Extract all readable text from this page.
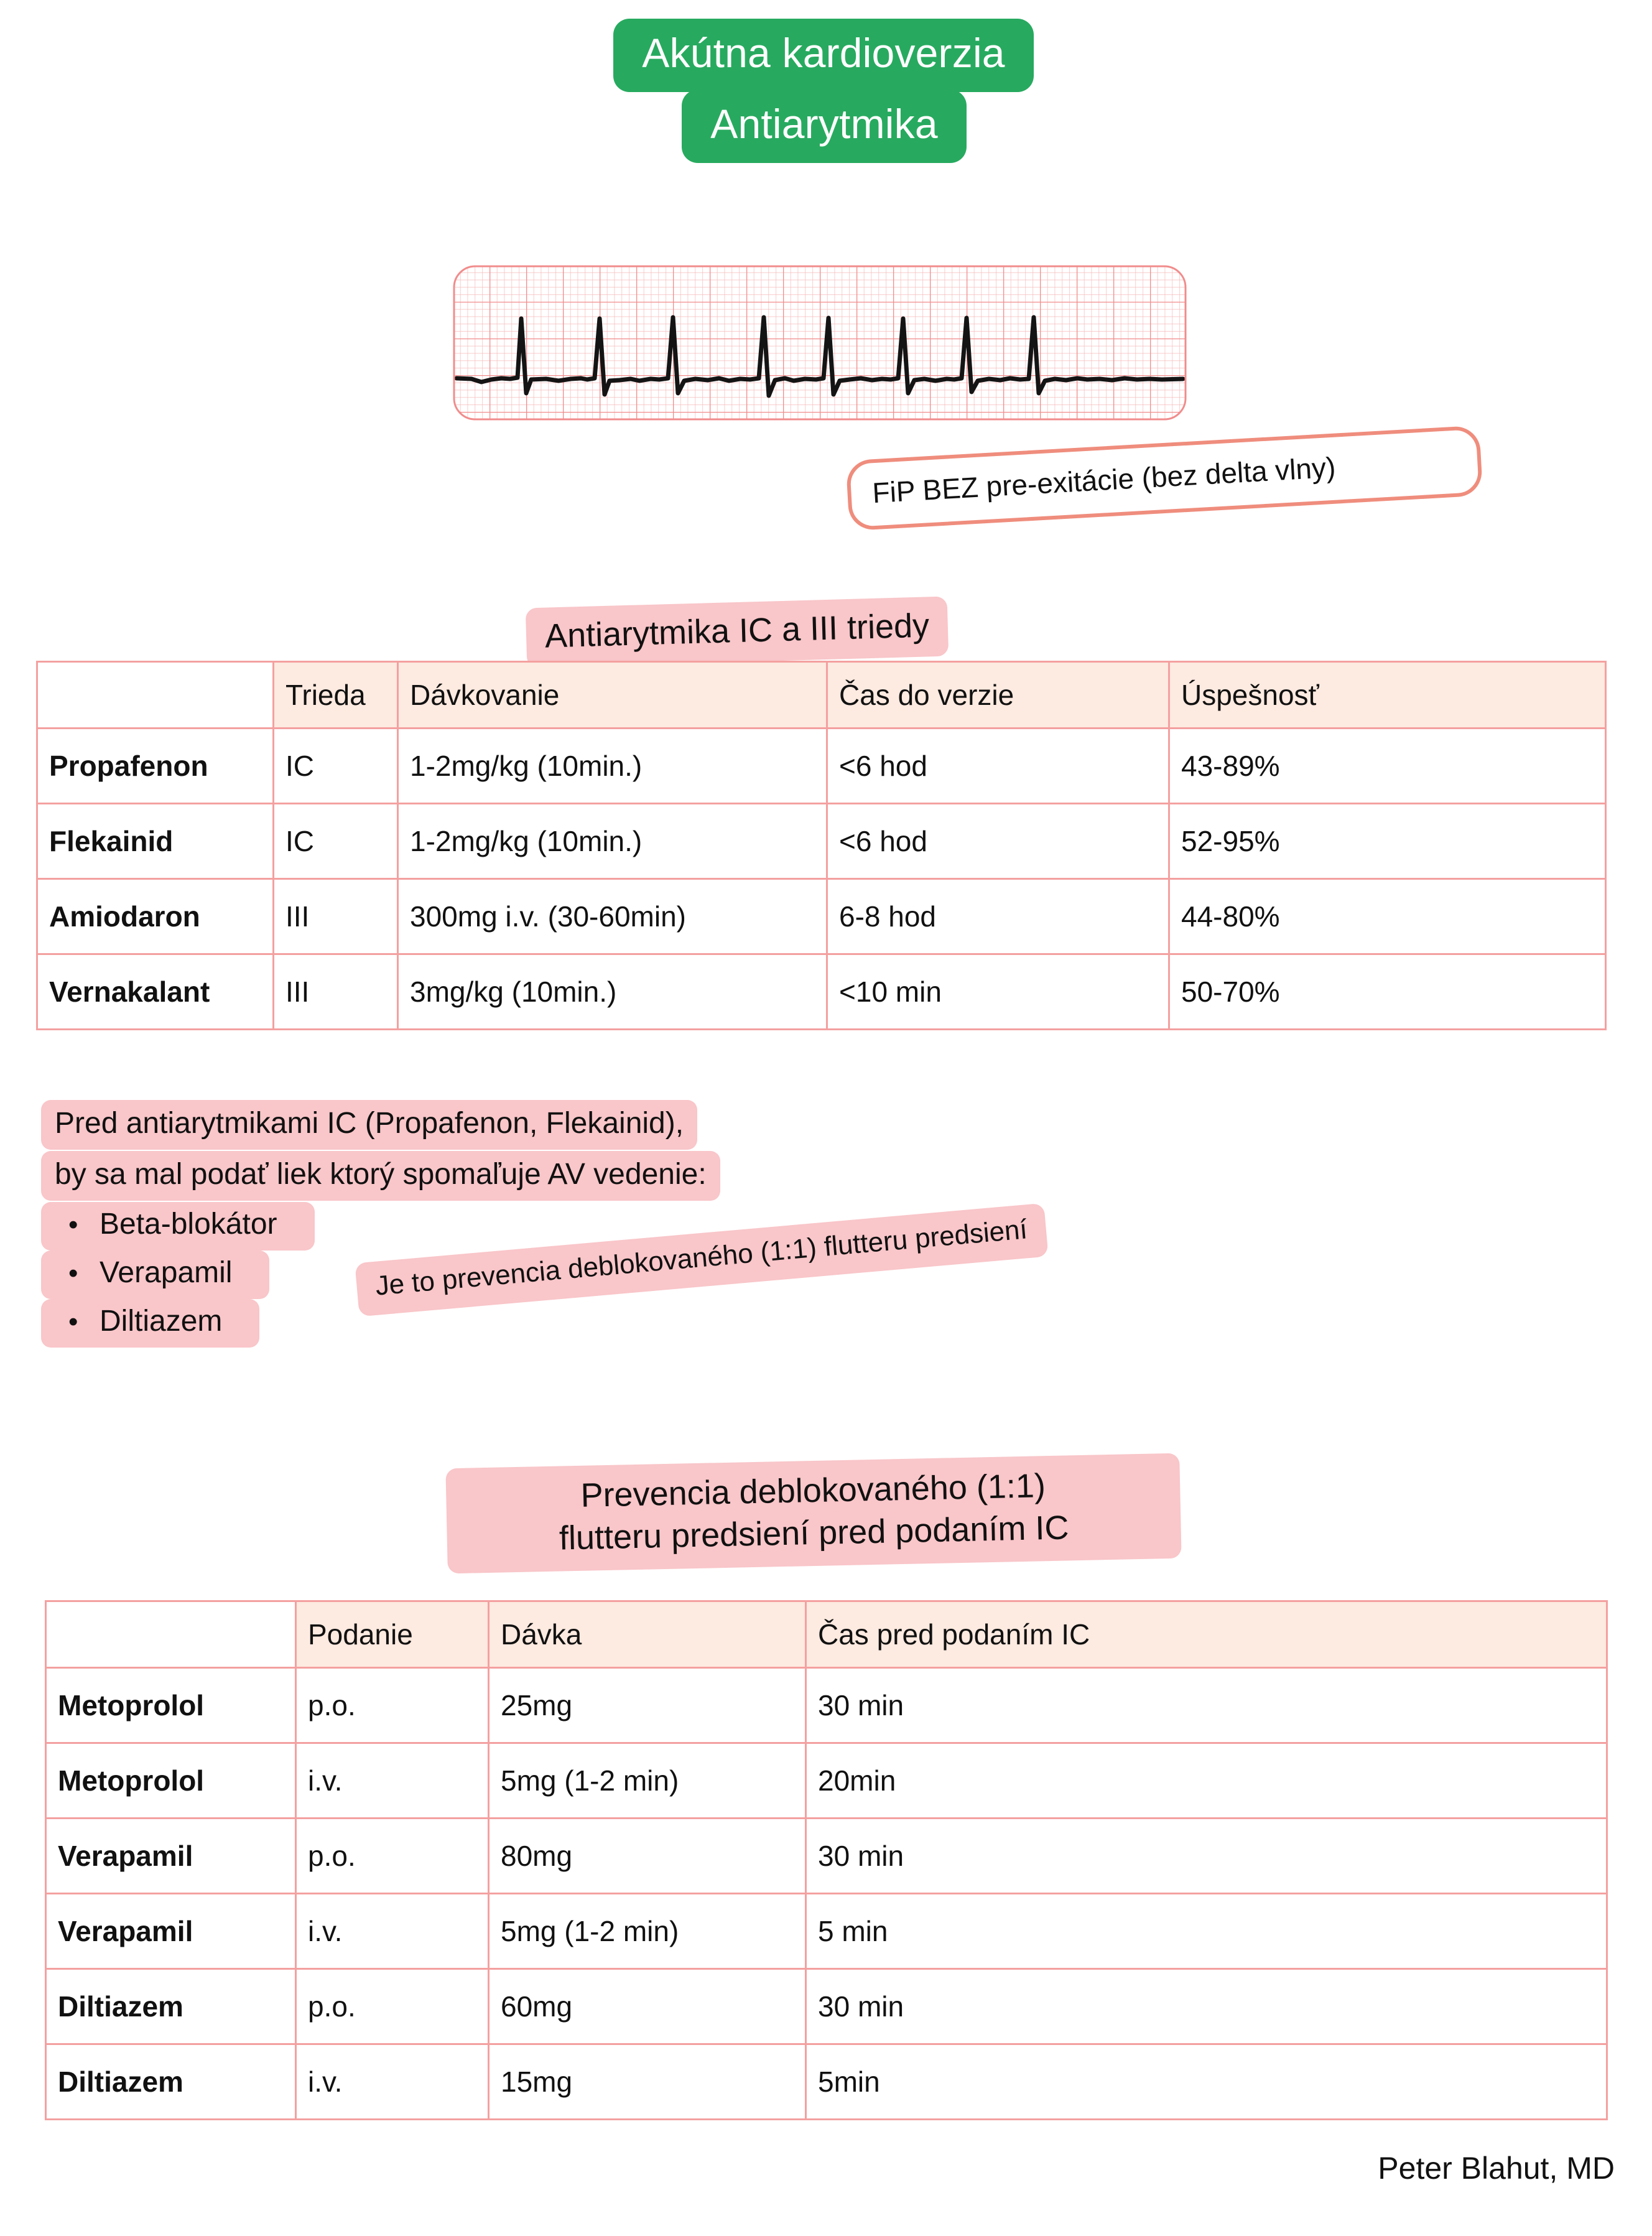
Akútna kardioverzia
Antiarytmika
FiP BEZ pre-exitácie (bez delta vlny)
Antiarytmika IC a III triedy
	Trieda	Dávkovanie	Čas do verzie	Úspešnosť
Propafenon	IC	1-2mg/kg (10min.)	<6 hod	43-89%
Flekainid	IC	1-2mg/kg (10min.)	<6 hod	52-95%
Amiodaron	III	300mg i.v. (30-60min)	6-8 hod	44-80%
Vernakalant	III	3mg/kg (10min.)	<10 min	50-70%
Pred antiarytmikami IC (Propafenon, Flekainid),
by sa mal podať liek ktorý spomaľuje AV vedenie:
• Beta-blokátor
• Verapamil
• Diltiazem
Je to prevencia deblokovaného (1:1) flutteru predsiení
Prevencia deblokovaného (1:1)
flutteru predsiení pred podaním IC
	Podanie	Dávka	Čas pred podaním IC
Metoprolol	p.o.	25mg	30 min
Metoprolol	i.v.	5mg (1-2 min)	20min
Verapamil	p.o.	80mg	30 min
Verapamil	i.v.	5mg (1-2 min)	5 min
Diltiazem	p.o.	60mg	30 min
Diltiazem	i.v.	15mg	5min
Peter Blahut, MD
